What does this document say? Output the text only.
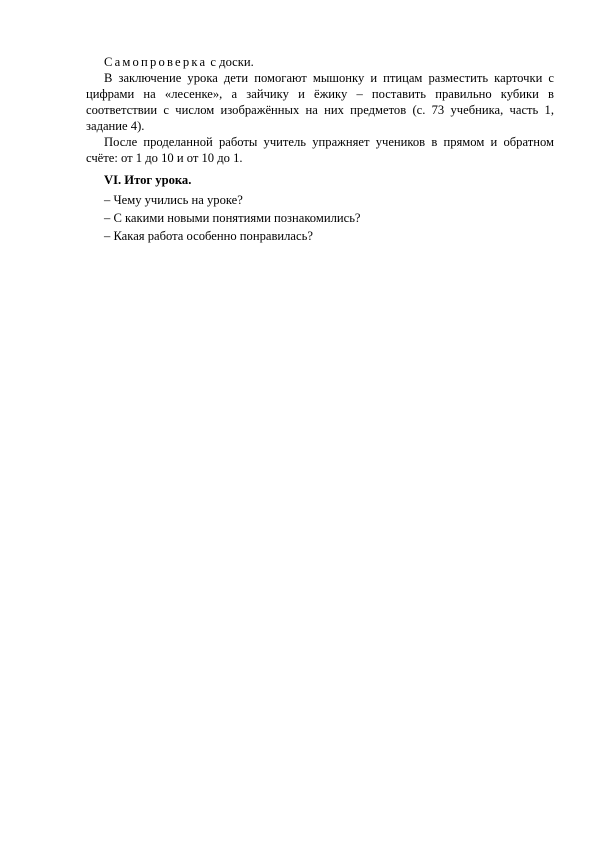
Самопроверка с доски.

В заключение урока дети помогают мышонку и птицам разместить карточки с цифрами на «лесенке», а зайчику и ёжику – поставить правильно кубики в соответствии с числом изображённых на них предметов (с. 73 учебника, часть 1, задание 4).

После проделанной работы учитель упражняет учеников в прямом и обратном счёте: от 1 до 10 и от 10 до 1.

VI. Итог урока.

– Чему учились на уроке?

– С какими новыми понятиями познакомились?

– Какая работа особенно понравилась?
